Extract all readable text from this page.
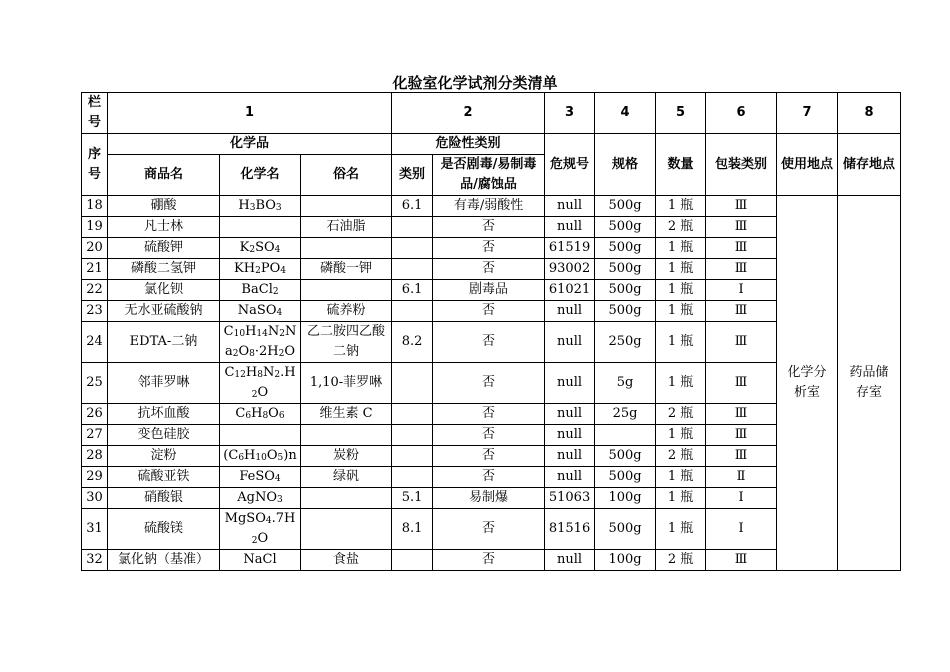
化验室化学试剂分类清单
栏号	1			2		3	4	5	6	7	8
序号	化学品			危险性类别		危规号	规格	数量	包装类别	使用地点	储存地点
	商品名	化学名	俗名	类别	是否剧毒/易制毒品/腐蚀品						
18	硼酸	$H_3BO_3$		6.1	有毒/弱酸性	null	500g	1 瓶	Ⅲ	化学分析室	药品储存室
19	凡士林		石油脂		否	null	500g	2 瓶	Ⅲ		
20	硫酸钾	$K_2SO_4$			否	61519	500g	1 瓶	Ⅲ		
21	磷酸二氢钾	$KH_2PO_4$	磷酸一钾		否	93002	500g	1 瓶	Ⅲ		
22	氯化钡	BaCl$_2$		6.1	剧毒品	61021	500g	1 瓶	Ⅰ		
23	无水亚硫酸钠	NaSO$_4$	硫养粉		否	null	500g	1 瓶	Ⅲ		
24	EDTA-二钠	$C_{10}H_{14}N_2Na_2O_8\cdot 2H_2O$	乙二胺四乙酸二钠	8.2	否	null	250g	1 瓶	Ⅲ		
25	邻菲罗啉	$C_{12}H_8N_2.H_2O$	1,10-菲罗啉		否	null	5g	1 瓶	Ⅲ		
26	抗坏血酸	$C_6H_8O_6$	维生素 C		否	null	25g	2 瓶	Ⅲ		
27	变色硅胶				否	null		1 瓶	Ⅲ		
28	淀粉	$(C_6H_{10}O_5)n$	炭粉		否	null	500g	2 瓶	Ⅲ		
29	硫酸亚铁	FeSO$_4$	绿矾		否	null	500g	1 瓶	Ⅱ		
30	硝酸银	AgNO$_3$		5.1	易制爆	51063	100g	1 瓶	Ⅰ		
31	硫酸镁	$MgSO_4.7H_2O$		8.1	否	81516	500g	1 瓶	Ⅰ		
32	氯化钠（基准）	NaCl	食盐		否	null	100g	2 瓶	Ⅲ		
